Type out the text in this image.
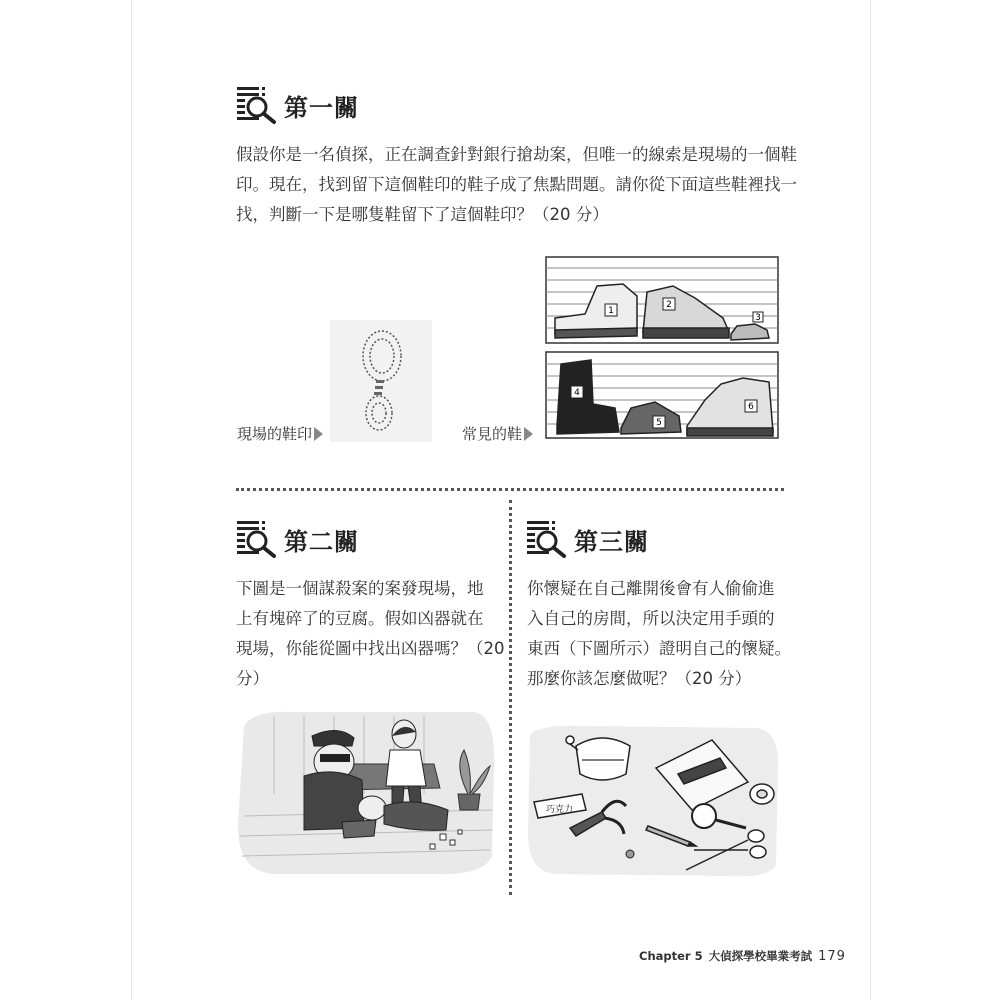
第一關

假設你是一名偵探，正在調查針對銀行搶劫案，但唯一的線索是現場的一個鞋
印。現在，找到留下這個鞋印的鞋子成了焦點問題。請你從下面這些鞋裡找一
找，判斷一下是哪隻鞋留下了這個鞋印？（20 分）

現場的鞋印
1
2
3
4
5
6
常見的鞋
第二關

下圖是一個謀殺案的案發現場，地
上有塊碎了的豆腐。假如凶器就在
現場，你能從圖中找出凶器嗎？（20
分）

第三關

你懷疑在自己離開後會有人偷偷進
入自己的房間，所以決定用手頭的
東西（下圖所示）證明自己的懷疑。
那麼你該怎麼做呢？（20 分）

巧克力
Chapter 5 大偵探學校畢業考試 179
